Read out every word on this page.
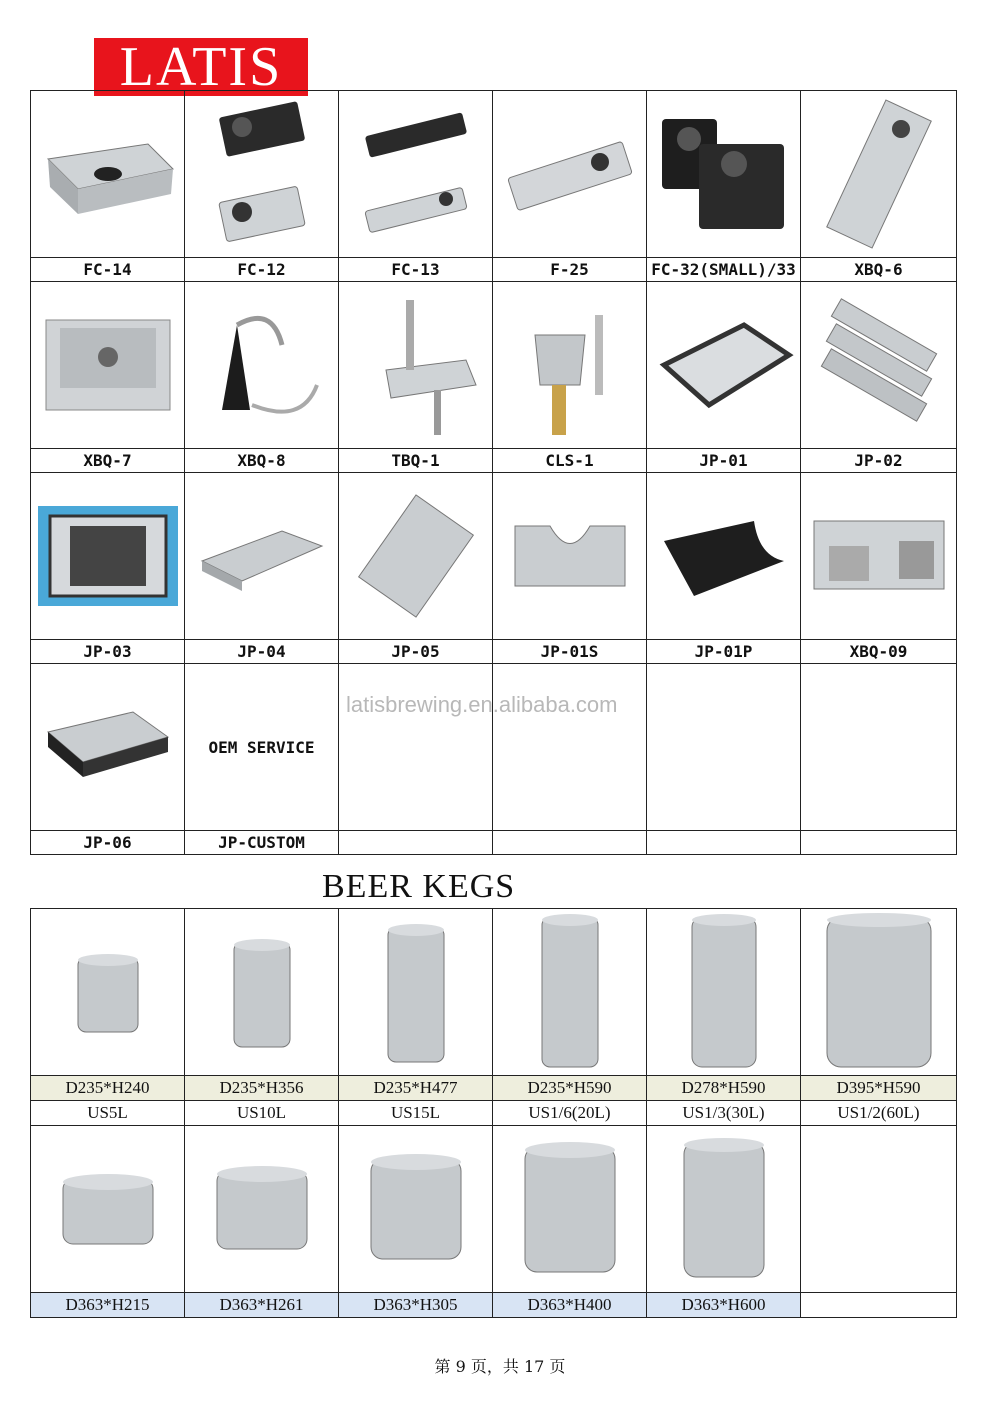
LATIS

FC-14	FC-12	FC-13	F-25	FC-32(SMALL)/33	XBQ-6

XBQ-7	XBQ-8	TBQ-1	CLS-1	JP-01	JP-02

JP-03	JP-04	JP-05	JP-01S	JP-01P	XBQ-09

	OEM SERVICE				
JP-06	JP-CUSTOM				
latisbrewing.en.alibaba.com
BEER KEGS

D235*H240	D235*H356	D235*H477	D235*H590	D278*H590	D395*H590
US5L	US10L	US15L	US1/6(20L)	US1/3(30L)	US1/2(60L)

D363*H215	D363*H261	D363*H305	D363*H400	D363*H600	
第 9 页，共 17 页
